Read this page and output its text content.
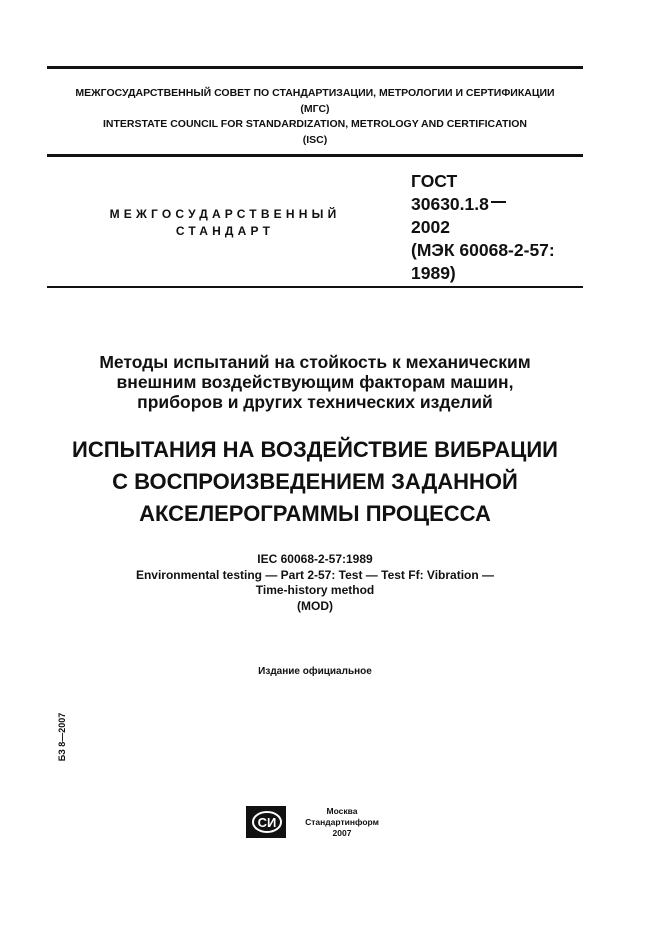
МЕЖГОСУДАРСТВЕННЫЙ СОВЕТ ПО СТАНДАРТИЗАЦИИ, МЕТРОЛОГИИ И СЕРТИФИКАЦИИ
(МГС)
INTERSTATE COUNCIL FOR STANDARDIZATION, METROLOGY AND CERTIFICATION
(ISC)
МЕЖГОСУДАРСТВЕННЫЙ
СТАНДАРТ
ГОСТ
30630.1.8
2002
(МЭК 60068-2-57:
1989)
Методы испытаний на стойкость к механическим
внешним воздействующим факторам машин,
приборов и других технических изделий
ИСПЫТАНИЯ НА ВОЗДЕЙСТВИЕ ВИБРАЦИИ
С ВОСПРОИЗВЕДЕНИЕМ ЗАДАННОЙ
АКСЕЛЕРОГРАММЫ ПРОЦЕССА
IEC 60068-2-57:1989
Environmental testing — Part 2-57: Test — Test Ff: Vibration —
Time-history method
(MOD)
Издание официальное
БЗ 8—2007
СИ
Москва
Стандартинформ
2007
